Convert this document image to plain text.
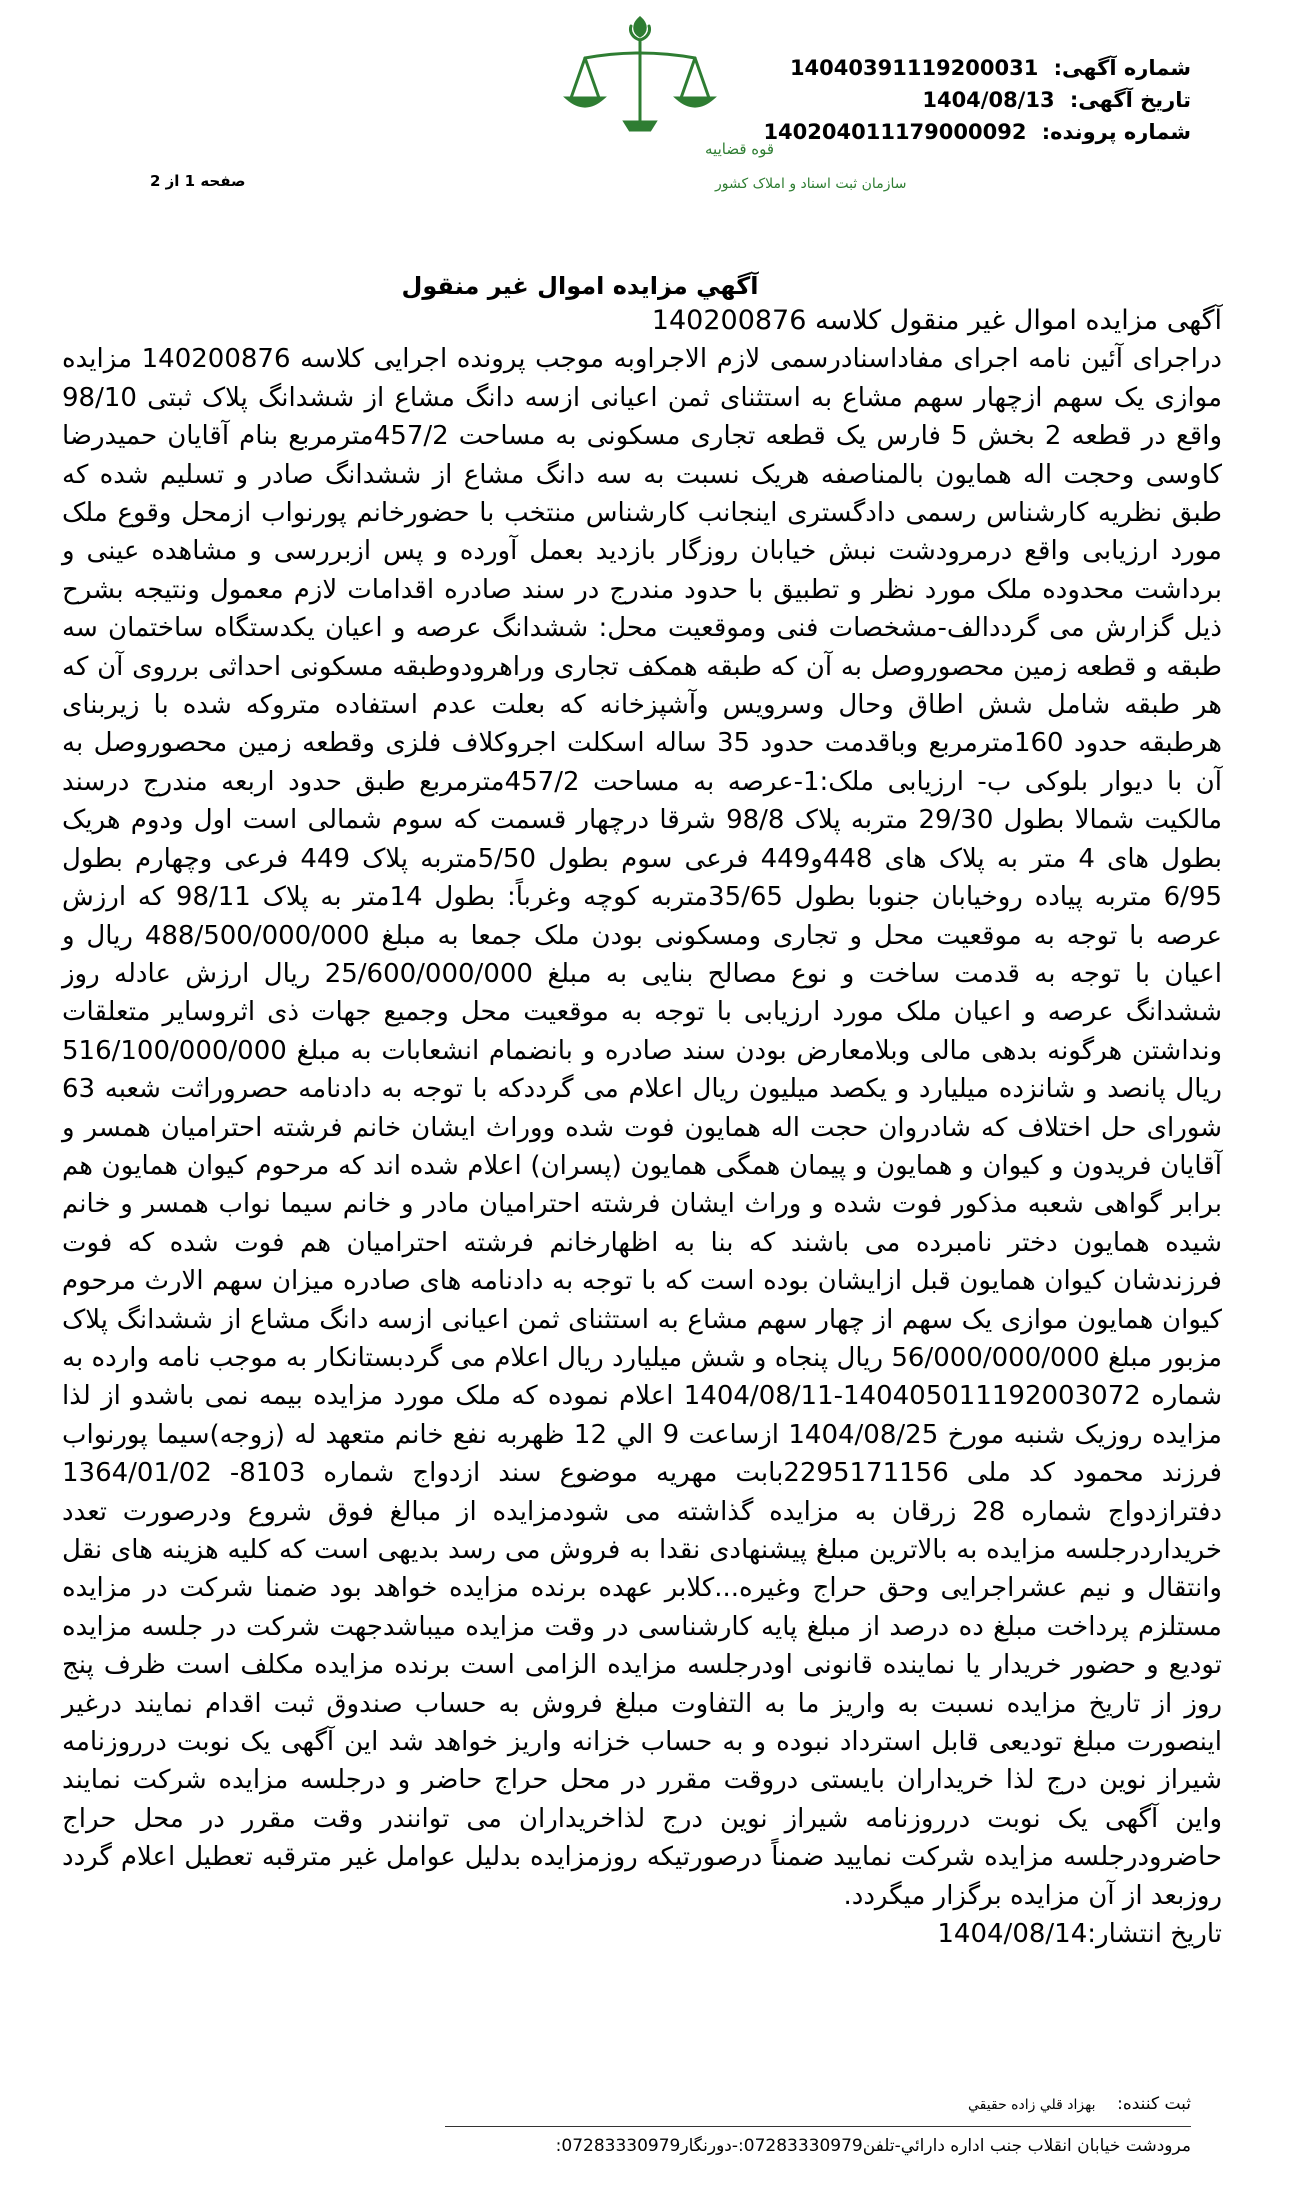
قوه قضاییه
سازمان ثبت اسناد و املاک کشور
شماره آگهی: 14040391119200031
تاریخ آگهی: 1404/08/13
شماره پرونده: 14020401117900009​2
صفحه 1 از 2
آگهي مزايده اموال غير منقول

آگهی مزایده اموال غیر منقول کلاسه 140200876

دراجرای آئین نامه اجرای مفاداسنادرسمی لازم الاجراوبه موجب پرونده اجرایی کلاسه 140200876 مزایده موازی یک سهم ازچهار سهم مشاع به استثنای ثمن اعیانی ازسه دانگ مشاع از ششدانگ پلاک ثبتی 98/10 واقع در قطعه 2 بخش 5 فارس یک قطعه تجاری مسکونی به مساحت 457/2مترمربع بنام آقایان حمیدرضا کاوسی وحجت اله همایون بالمناصفه هریک نسبت به سه دانگ مشاع از ششدانگ صادر و تسلیم شده که طبق نظریه کارشناس رسمی دادگستری اینجانب کارشناس منتخب با حضورخانم پورنواب ازمحل وقوع ملک مورد ارزیابی واقع درمرودشت نبش خیابان روزگار بازدید بعمل آورده و پس ازبررسی و مشاهده عینی و برداشت محدوده ملک مورد نظر و تطبیق با حدود مندرج در سند صادره اقدامات لازم معمول ونتیجه بشرح ذیل گزارش می گرددالف-مشخصات فنی وموقعیت محل: ششدانگ عرصه و اعیان یکدستگاه ساختمان سه طبقه و قطعه زمین محصوروصل به آن که طبقه همکف تجاری وراهرودوطبقه مسکونی احداثی برروی آن که هر طبقه شامل شش اطاق وحال وسرویس وآشپزخانه که بعلت عدم استفاده متروکه شده با زیربنای هرطبقه حدود 160مترمربع وباقدمت حدود 35 ساله اسکلت اجروکلاف فلزی وقطعه زمین محصوروصل به آن با دیوار بلوکی ب- ارزیابی ملک:1-عرصه به مساحت 457/2مترمربع طبق حدود اربعه مندرج درسند مالکیت شمالا بطول 29/30 متربه پلاک 98/8 شرقا درچهار قسمت که سوم شمالی است اول ودوم هریک بطول های 4 متر به پلاک های 448و449 فرعی سوم بطول 5/50متربه پلاک 449 فرعی وچهارم بطول 6/95 متربه پیاده روخیابان جنوبا بطول 35/65متربه کوچه وغرباً: بطول 14متر به پلاک 98/11 که ارزش عرصه با توجه به موقعیت محل و تجاری ومسکونی بودن ملک جمعا به مبلغ 488/500/000/000 ریال و اعیان با توجه به قدمت ساخت و نوع مصالح بنایی به مبلغ 25/600/000/000 ریال ارزش عادله روز ششدانگ عرصه و اعیان ملک مورد ارزیابی با توجه به موقعیت محل وجمیع جهات ذی اثروسایر متعلقات ونداشتن هرگونه بدهی مالی وبلامعارض بودن سند صادره و بانضمام انشعابات به مبلغ 516/100/000/000 ریال پانصد و شانزده میلیارد و یکصد میلیون ریال اعلام می گرددکه با توجه به دادنامه حصروراثت شعبه 63 شورای حل اختلاف که شادروان حجت اله همایون فوت شده ووراث ایشان خانم فرشته احترامیان همسر و آقایان فریدون و کیوان و همایون و پیمان همگی همایون (پسران) اعلام شده اند که مرحوم کیوان همایون هم برابر گواهی شعبه مذکور فوت شده و وراث ایشان فرشته احترامیان مادر و خانم سیما نواب همسر و خانم شیده همایون دختر نامبرده می باشند که بنا به اظهارخانم فرشته احترامیان هم فوت شده که فوت فرزندشان کیوان همایون قبل ازایشان بوده است که با توجه به دادنامه های صادره میزان سهم الارث مرحوم کیوان همایون موازی یک سهم از چهار سهم مشاع به استثنای ثمن اعیانی ازسه دانگ مشاع از ششدانگ پلاک مزبور مبلغ 56/000/000/000 ریال پنجاه و شش میلیارد ریال اعلام می گردبستانکار به موجب نامه وارده به شماره 14040501119200307​2-1404/08/11 اعلام نموده که ملک مورد مزایده بیمه نمی باشدو از لذا مزایده روزیک شنبه مورخ 1404/08/25 ازساعت 9 الي 12 ظهربه نفع خانم متعهد له (زوجه)سیما پورنواب فرزند محمود کد ملی 2295171156بابت مهریه موضوع سند ازدواج شماره 8103- 1364/01/02 دفترازدواج شماره 28 زرقان به مزایده گذاشته می شودمزایده از مبالغ فوق شروع ودرصورت تعدد خریداردرجلسه مزایده به بالاترین مبلغ پیشنهادی نقدا به فروش می رسد بدیهی است که کلیه هزینه های نقل وانتقال و نیم عشراجرایی وحق حراج وغیره...کلابر عهده برنده مزایده خواهد بود ضمنا شرکت در مزایده مستلزم پرداخت مبلغ ده درصد از مبلغ پایه کارشناسی در وقت مزایده میباشدجهت شرکت در جلسه مزایده تودیع و حضور خریدار یا نماینده قانونی اودرجلسه مزایده الزامی است برنده مزایده مکلف است ظرف پنج روز از تاریخ مزایده نسبت به واریز ما به التفاوت مبلغ فروش به حساب صندوق ثبت اقدام نمایند درغیر اینصورت مبلغ تودیعی قابل استرداد نبوده و به حساب خزانه واریز خواهد شد این آگهی یک نوبت درروزنامه شیراز نوین درج لذا خریداران بایستی دروقت مقرر در محل حراج حاضر و درجلسه مزایده شرکت نمایند واین آگهی یک نوبت درروزنامه شیراز نوین درج لذاخریداران می توانندر وقت مقرر در محل حراج حاضرودرجلسه مزایده شرکت نمایید ضمناً درصورتیکه روزمزایده بدلیل عوامل غیر مترقبه تعطیل اعلام گردد روزبعد از آن مزایده برگزار میگردد.

تاریخ انتشار:1404/08/14

ثبت کننده:    بهزاد قلي زاده حقيقي
مرودشت خيابان انقلاب جنب اداره دارائي-تلفن07283330979:-دورنگار07283330979:
